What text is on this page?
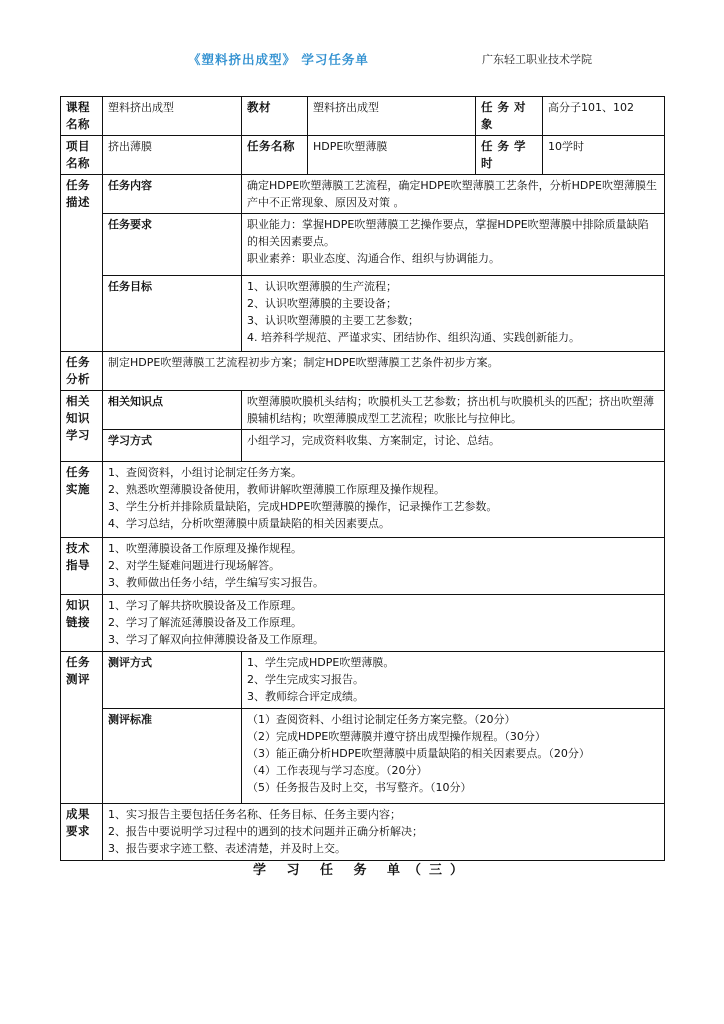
《塑料挤出成型》 学习任务单	广东轻工职业技术学院
课程名称	塑料挤出成型	教材	塑料挤出成型	任 务 对 象	高分子101、102
项目名称	挤出薄膜	任务名称	HDPE吹塑薄膜	任 务 学 时	10学时
任务描述	任务内容	确定HDPE吹塑薄膜工艺流程，确定HDPE吹塑薄膜工艺条件，分析HDPE吹塑薄膜生产中不正常现象、原因及对策 。			
	任务要求	职业能力：掌握HDPE吹塑薄膜工艺操作要点，掌握HDPE吹塑薄膜中排除质量缺陷的相关因素要点。
职业素养：职业态度、沟通合作、组织与协调能力。			

	任务目标	1、认识吹塑薄膜的生产流程；
2、认识吹塑薄膜的主要设备；
3、认识吹塑薄膜的主要工艺参数；
4. 培养科学规范、严谨求实、团结协作、组织沟通、实践创新能力。			

任务分析	制定HDPE吹塑薄膜工艺流程初步方案；制定HDPE吹塑薄膜工艺条件初步方案。				
相关知识学习	相关知识点	吹塑薄膜吹膜机头结构；吹膜机头工艺参数；挤出机与吹膜机头的匹配；挤出吹塑薄膜辅机结构；吹塑薄膜成型工艺流程；吹胀比与拉伸比。			
	学习方式	小组学习，完成资料收集、方案制定，讨论、总结。			
任务实施	1、查阅资料，小组讨论制定任务方案。
2、熟悉吹塑薄膜设备使用，教师讲解吹塑薄膜工作原理及操作规程。
3、学生分析并排除质量缺陷，完成HDPE吹塑薄膜的操作，记录操作工艺参数。
4、学习总结，分析吹塑薄膜中质量缺陷的相关因素要点。				

技术指导	1、吹塑薄膜设备工作原理及操作规程。
2、对学生疑难问题进行现场解答。
3、教师做出任务小结，学生编写实习报告。				

知识链接	1、学习了解共挤吹膜设备及工作原理。
2、学习了解流延薄膜设备及工作原理。
3、学习了解双向拉伸薄膜设备及工作原理。				

任务测评	测评方式	1、学生完成HDPE吹塑薄膜。
2、学生完成实习报告。
3、教师综合评定成绩。			

	测评标准	（1）查阅资料、小组讨论制定任务方案完整。（20分）
（2）完成HDPE吹塑薄膜并遵守挤出成型操作规程。（30分）
（3）能正确分析HDPE吹塑薄膜中质量缺陷的相关因素要点。（20分）
（4）工作表现与学习态度。（20分）
（5）任务报告及时上交，书写整齐。（10分）			

成果要求	1、实习报告主要包括任务名称、任务目标、任务主要内容；
2、报告中要说明学习过程中的遇到的技术问题并正确分析解决；
3、报告要求字迹工整、表述清楚，并及时上交。				
学 习 任 务 单（三）
